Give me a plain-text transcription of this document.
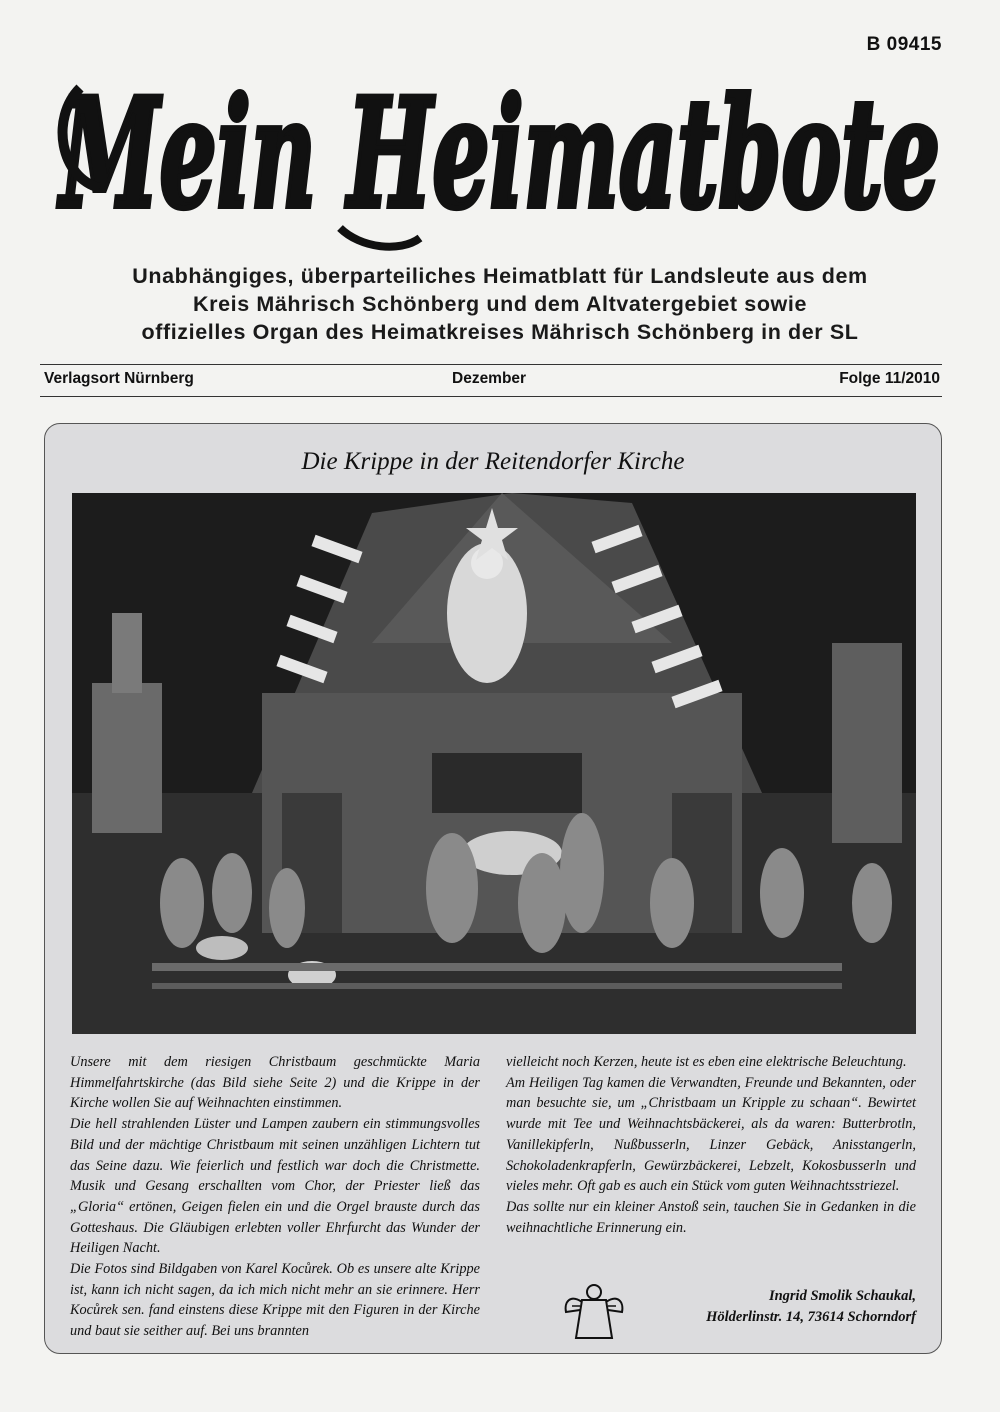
B 09415
Mein Heimatbote
Unabhängiges, überparteiliches Heimatblatt für Landsleute aus dem
Kreis Mährisch Schönberg und dem Altvatergebiet sowie
offizielles Organ des Heimatkreises Mährisch Schönberg in der SL
Verlagsort Nürnberg	Dezember	Folge 11/2010
Die Krippe in der Reitendorfer Kirche

Unsere mit dem riesigen Christbaum geschmückte Maria Himmelfahrtskirche (das Bild siehe Seite 2) und die Krippe in der Kirche wollen Sie auf Weihnachten einstimmen.

Die hell strahlenden Lüster und Lampen zaubern ein stimmungsvolles Bild und der mächtige Christbaum mit seinen unzähligen Lichtern tut das Seine dazu. Wie feierlich und festlich war doch die Christmette. Musik und Gesang erschallten vom Chor, der Priester ließ das „Gloria“ ertönen, Geigen fielen ein und die Orgel brauste durch das Gotteshaus. Die Gläubigen erlebten voller Ehrfurcht das Wunder der Heiligen Nacht.

Die Fotos sind Bildgaben von Karel Kocůrek. Ob es unsere alte Krippe ist, kann ich nicht sagen, da ich mich nicht mehr an sie erinnere. Herr Kocůrek sen. fand einstens diese Krippe mit den Figuren in der Kirche und baut sie seither auf. Bei uns brannten

vielleicht noch Kerzen, heute ist es eben eine elektrische Beleuchtung.

Am Heiligen Tag kamen die Verwandten, Freunde und Bekannten, oder man besuchte sie, um „Christbaam un Kripple zu schaan“. Bewirtet wurde mit Tee und Weihnachtsbäckerei, als da waren: Butterbrotln, Vanillekipferln, Nußbusserln, Linzer Gebäck, Anisstangerln, Schokoladenkrapferln, Gewürzbäckerei, Lebzelt, Kokosbusserln und vieles mehr. Oft gab es auch ein Stück vom guten Weihnachtsstriezel.

Das sollte nur ein kleiner Anstoß sein, tauchen Sie in Gedanken in die weihnachtliche Erinnerung ein.

Ingrid Smolik Schaukal,
Hölderlinstr. 14, 73614 Schorndorf
